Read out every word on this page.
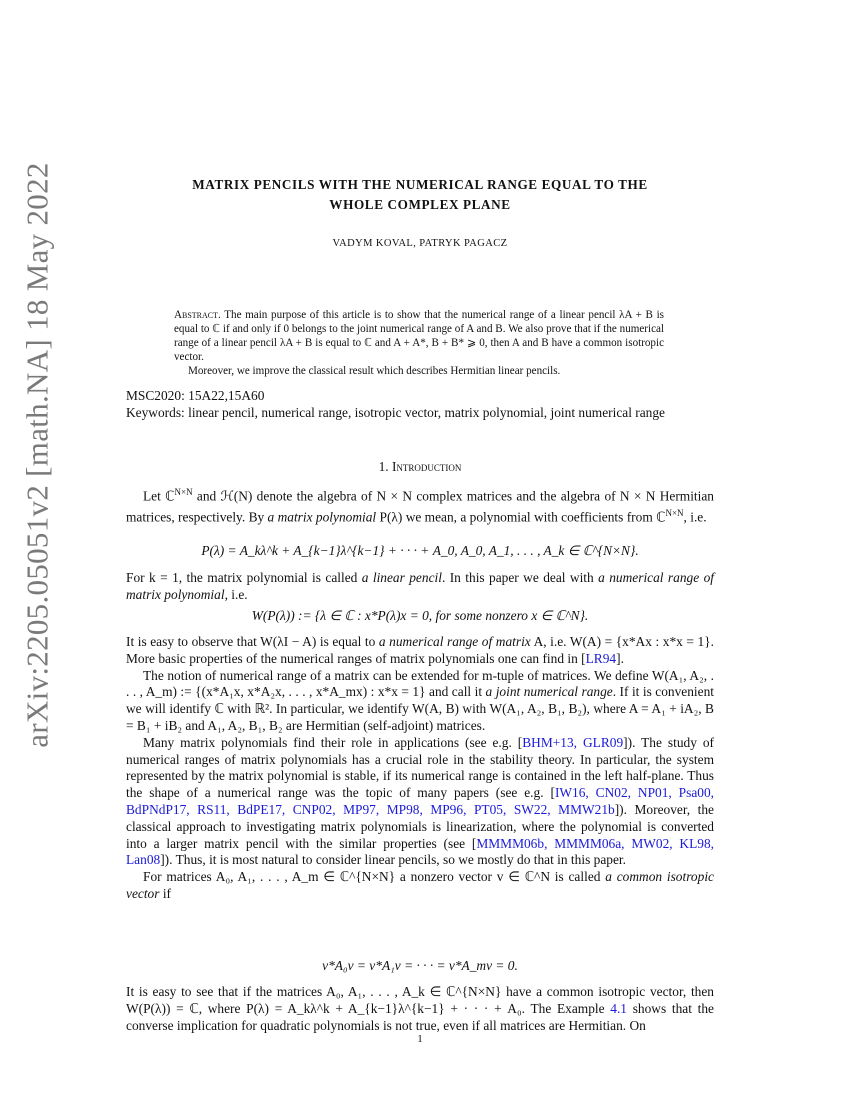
arXiv:2205.05051v2 [math.NA] 18 May 2022	MATRIX PENCILS WITH THE NUMERICAL RANGE EQUAL TO THE
WHOLE COMPLEX PLANE
VADYM KOVAL, PATRYK PAGACZ

Abstract. The main purpose of this article is to show that the numerical range of a linear pencil λA + B is equal to ℂ if and only if 0 belongs to the joint numerical range of A and B. We also prove that if the numerical range of a linear pencil λA + B is equal to ℂ and A + A*, B + B* ⩾ 0, then A and B have a common isotropic vector.

Moreover, we improve the classical result which describes Hermitian linear pencils.

MSC2020: 15A22,15A60

Keywords: linear pencil, numerical range, isotropic vector, matrix polynomial, joint numerical range

1. Introduction

Let ℂ$^{N\times N}$ and ℋ(N) denote the algebra of N × N complex matrices and the algebra of N × N Hermitian matrices, respectively. By a matrix polynomial P(λ) we mean, a polynomial with coefficients from ℂ$^{N\times N}$, i.e.

P(λ) = A_kλ^k + A_{k−1}λ^{k−1} + · · · + A_0, A_0, A_1, . . . , A_k ∈ ℂ^{N×N}.

For k = 1, the matrix polynomial is called a linear pencil. In this paper we deal with a numerical range of matrix polynomial, i.e.

W(P(λ)) := {λ ∈ ℂ : x*P(λ)x = 0, for some nonzero x ∈ ℂ^N}.

It is easy to observe that W(λI − A) is equal to a numerical range of matrix A, i.e. W(A) = {x*Ax : x*x = 1}. More basic properties of the numerical ranges of matrix polynomials one can find in [LR94].

The notion of numerical range of a matrix can be extended for m-tuple of matrices. We define W(A₁, A₂, . . . , A_m) := {(x*A₁x, x*A₂x, . . . , x*A_mx) : x*x = 1} and call it a joint numerical range. If it is convenient we will identify ℂ with ℝ². In particular, we identify W(A, B) with W(A₁, A₂, B₁, B₂), where A = A₁ + iA₂, B = B₁ + iB₂ and A₁, A₂, B₁, B₂ are Hermitian (self-adjoint) matrices.

Many matrix polynomials find their role in applications (see e.g. [BHM+13, GLR09]). The study of numerical ranges of matrix polynomials has a crucial role in the stability theory. In particular, the system represented by the matrix polynomial is stable, if its numerical range is contained in the left half-plane. Thus the shape of a numerical range was the topic of many papers (see e.g. [IW16, CN02, NP01, Psa00, BdPNdP17, RS11, BdPE17, CNP02, MP97, MP98, MP96, PT05, SW22, MMW21b]). Moreover, the classical approach to investigating matrix polynomials is linearization, where the polynomial is converted into a larger matrix pencil with the similar properties (see [MMMM06b, MMMM06a, MW02, KL98, Lan08]). Thus, it is most natural to consider linear pencils, so we mostly do that in this paper.

For matrices A₀, A₁, . . . , A_m ∈ ℂ^{N×N} a nonzero vector v ∈ ℂ^N is called a common isotropic vector if

v*A₀v = v*A₁v = · · · = v*A_mv = 0.

It is easy to see that if the matrices A₀, A₁, . . . , A_k ∈ ℂ^{N×N} have a common isotropic vector, then W(P(λ)) = ℂ, where P(λ) = A_kλ^k + A_{k−1}λ^{k−1} + · · · + A₀. The Example 4.1 shows that the converse implication for quadratic polynomials is not true, even if all matrices are Hermitian. On

1
